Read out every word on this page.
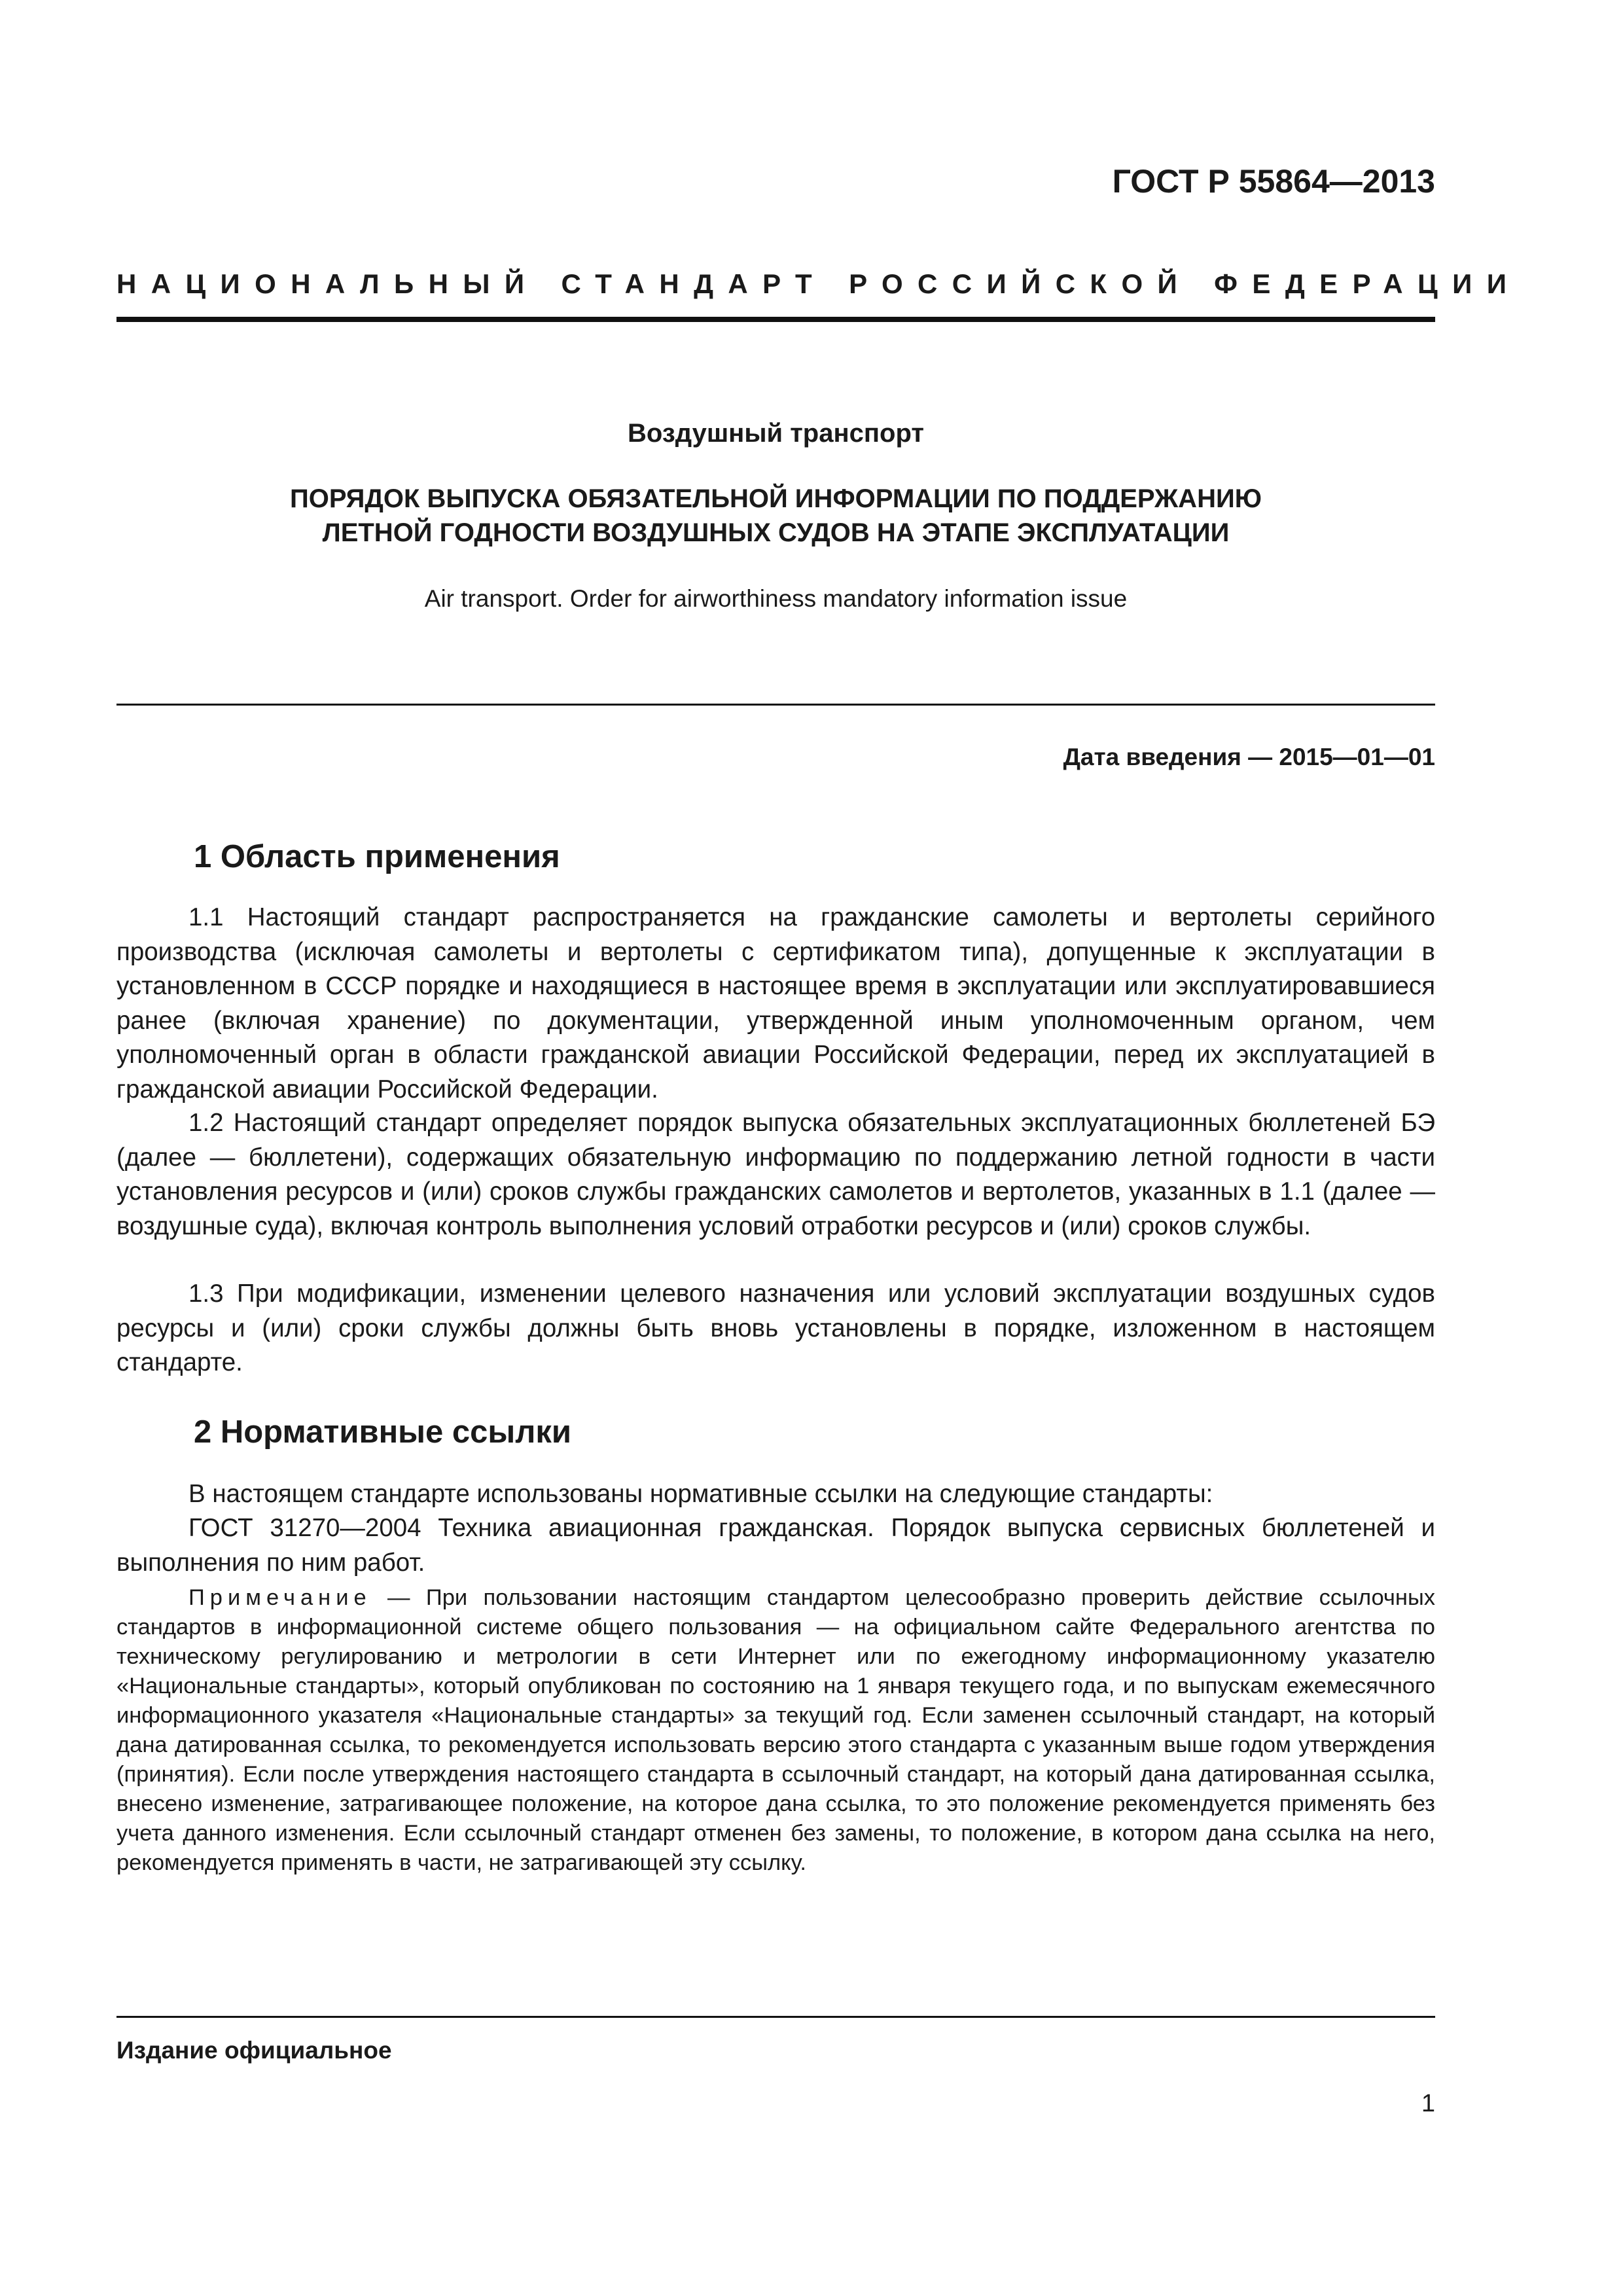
ГОСТ Р 55864—2013
НАЦИОНАЛЬНЫЙ СТАНДАРТ РОССИЙСКОЙ ФЕДЕРАЦИИ
Воздушный транспорт
ПОРЯДОК ВЫПУСКА ОБЯЗАТЕЛЬНОЙ ИНФОРМАЦИИ ПО ПОДДЕРЖАНИЮ
ЛЕТНОЙ ГОДНОСТИ ВОЗДУШНЫХ СУДОВ НА ЭТАПЕ ЭКСПЛУАТАЦИИ
Air transport. Order for airworthiness mandatory information issue
Дата введения — 2015—01—01
1 Область применения
1.1 Настоящий стандарт распространяется на гражданские самолеты и вертолеты серийного производства (исключая самолеты и вертолеты с сертификатом типа), допущенные к эксплуатации в установленном в СССР порядке и находящиеся в настоящее время в эксплуатации или эксплуатировавшиеся ранее (включая хранение) по документации, утвержденной иным уполномоченным органом, чем уполномоченный орган в области гражданской авиации Российской Федерации, перед их эксплуатацией в гражданской авиации Российской Федерации.
1.2 Настоящий стандарт определяет порядок выпуска обязательных эксплуатационных бюллетеней БЭ (далее — бюллетени), содержащих обязательную информацию по поддержанию летной годности в части установления ресурсов и (или) сроков службы гражданских самолетов и вертолетов, указанных в 1.1 (далее — воздушные суда), включая контроль выполнения условий отработки ресурсов и (или) сроков службы.
1.3 При модификации, изменении целевого назначения или условий эксплуатации воздушных судов ресурсы и (или) сроки службы должны быть вновь установлены в порядке, изложенном в настоящем стандарте.
2 Нормативные ссылки
В настоящем стандарте использованы нормативные ссылки на следующие стандарты:
ГОСТ 31270—2004 Техника авиационная гражданская. Порядок выпуска сервисных бюллетеней и выполнения по ним работ.
Примечание — При пользовании настоящим стандартом целесообразно проверить действие ссылочных стандартов в информационной системе общего пользования — на официальном сайте Федерального агентства по техническому регулированию и метрологии в сети Интернет или по ежегодному информационному указателю «Национальные стандарты», который опубликован по состоянию на 1 января текущего года, и по выпускам ежемесячного информационного указателя «Национальные стандарты» за текущий год. Если заменен ссылочный стандарт, на который дана датированная ссылка, то рекомендуется использовать версию этого стандарта с указанным выше годом утверждения (принятия). Если после утверждения настоящего стандарта в ссылочный стандарт, на который дана датированная ссылка, внесено изменение, затрагивающее положение, на которое дана ссылка, то это положение рекомендуется применять без учета данного изменения. Если ссылочный стандарт отменен без замены, то положение, в котором дана ссылка на него, рекомендуется применять в части, не затрагивающей эту ссылку.
Издание официальное
1
